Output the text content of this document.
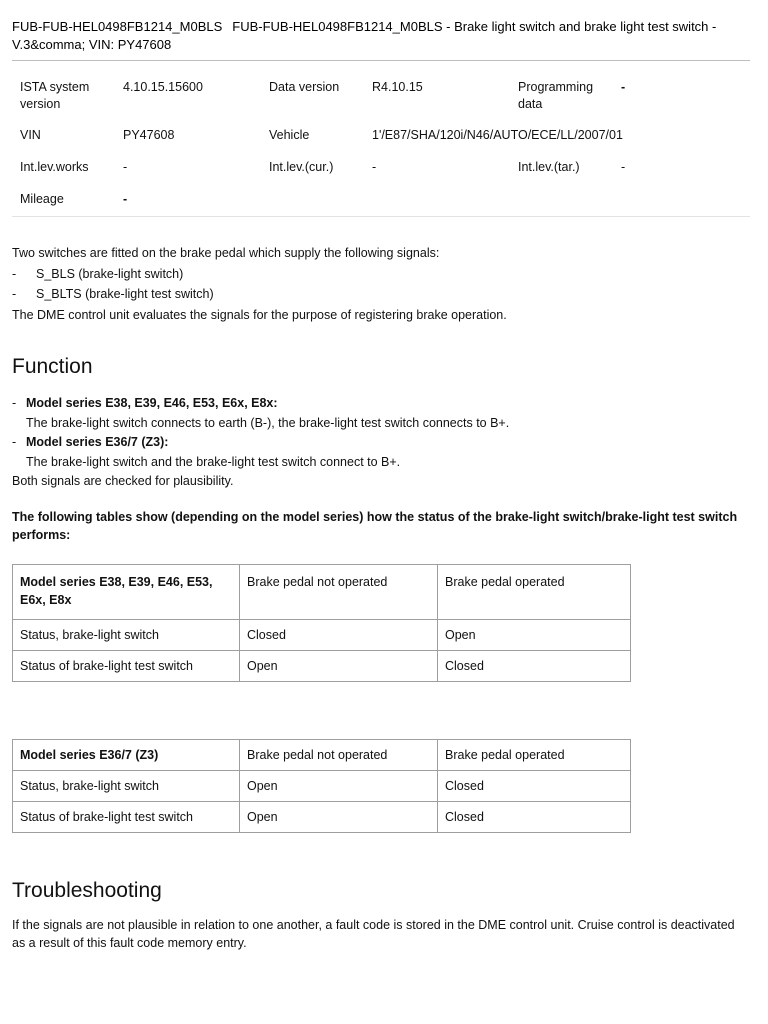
FUB-FUB-HEL0498FB1214_M0BLS FUB-FUB-HEL0498FB1214_M0BLS - Brake light switch and brake light test switch - V.3&comma; VIN: PY47608
ISTA system version	4.10.15.15600	Data version	R4.10.15	Programming data	-
VIN	PY47608	Vehicle	1'/E87/SHA/120i/N46/AUTO/ECE/LL/2007/01		
Int.lev.works	-	Int.lev.(cur.)	-	Int.lev.(tar.)	-
Mileage	-				
Two switches are fitted on the brake pedal which supply the following signals:
-	S_BLS (brake-light switch)
-	S_BLTS (brake-light test switch)
The DME control unit evaluates the signals for the purpose of registering brake operation.
Function
- Model series E38, E39, E46, E53, E6x, E8x:
The brake-light switch connects to earth (B-), the brake-light test switch connects to B+.
- Model series E36/7 (Z3):
The brake-light switch and the brake-light test switch connect to B+.
Both signals are checked for plausibility.
The following tables show (depending on the model series) how the status of the brake-light switch/brake-light test switch performs:
Model series E38, E39, E46, E53, E6x, E8x	Brake pedal not operated	Brake pedal operated
Status, brake-light switch	Closed	Open
Status of brake-light test switch	Open	Closed
Model series E36/7 (Z3)	Brake pedal not operated	Brake pedal operated
Status, brake-light switch	Open	Closed
Status of brake-light test switch	Open	Closed
Troubleshooting
If the signals are not plausible in relation to one another, a fault code is stored in the DME control unit. Cruise control is deactivated as a result of this fault code memory entry.
